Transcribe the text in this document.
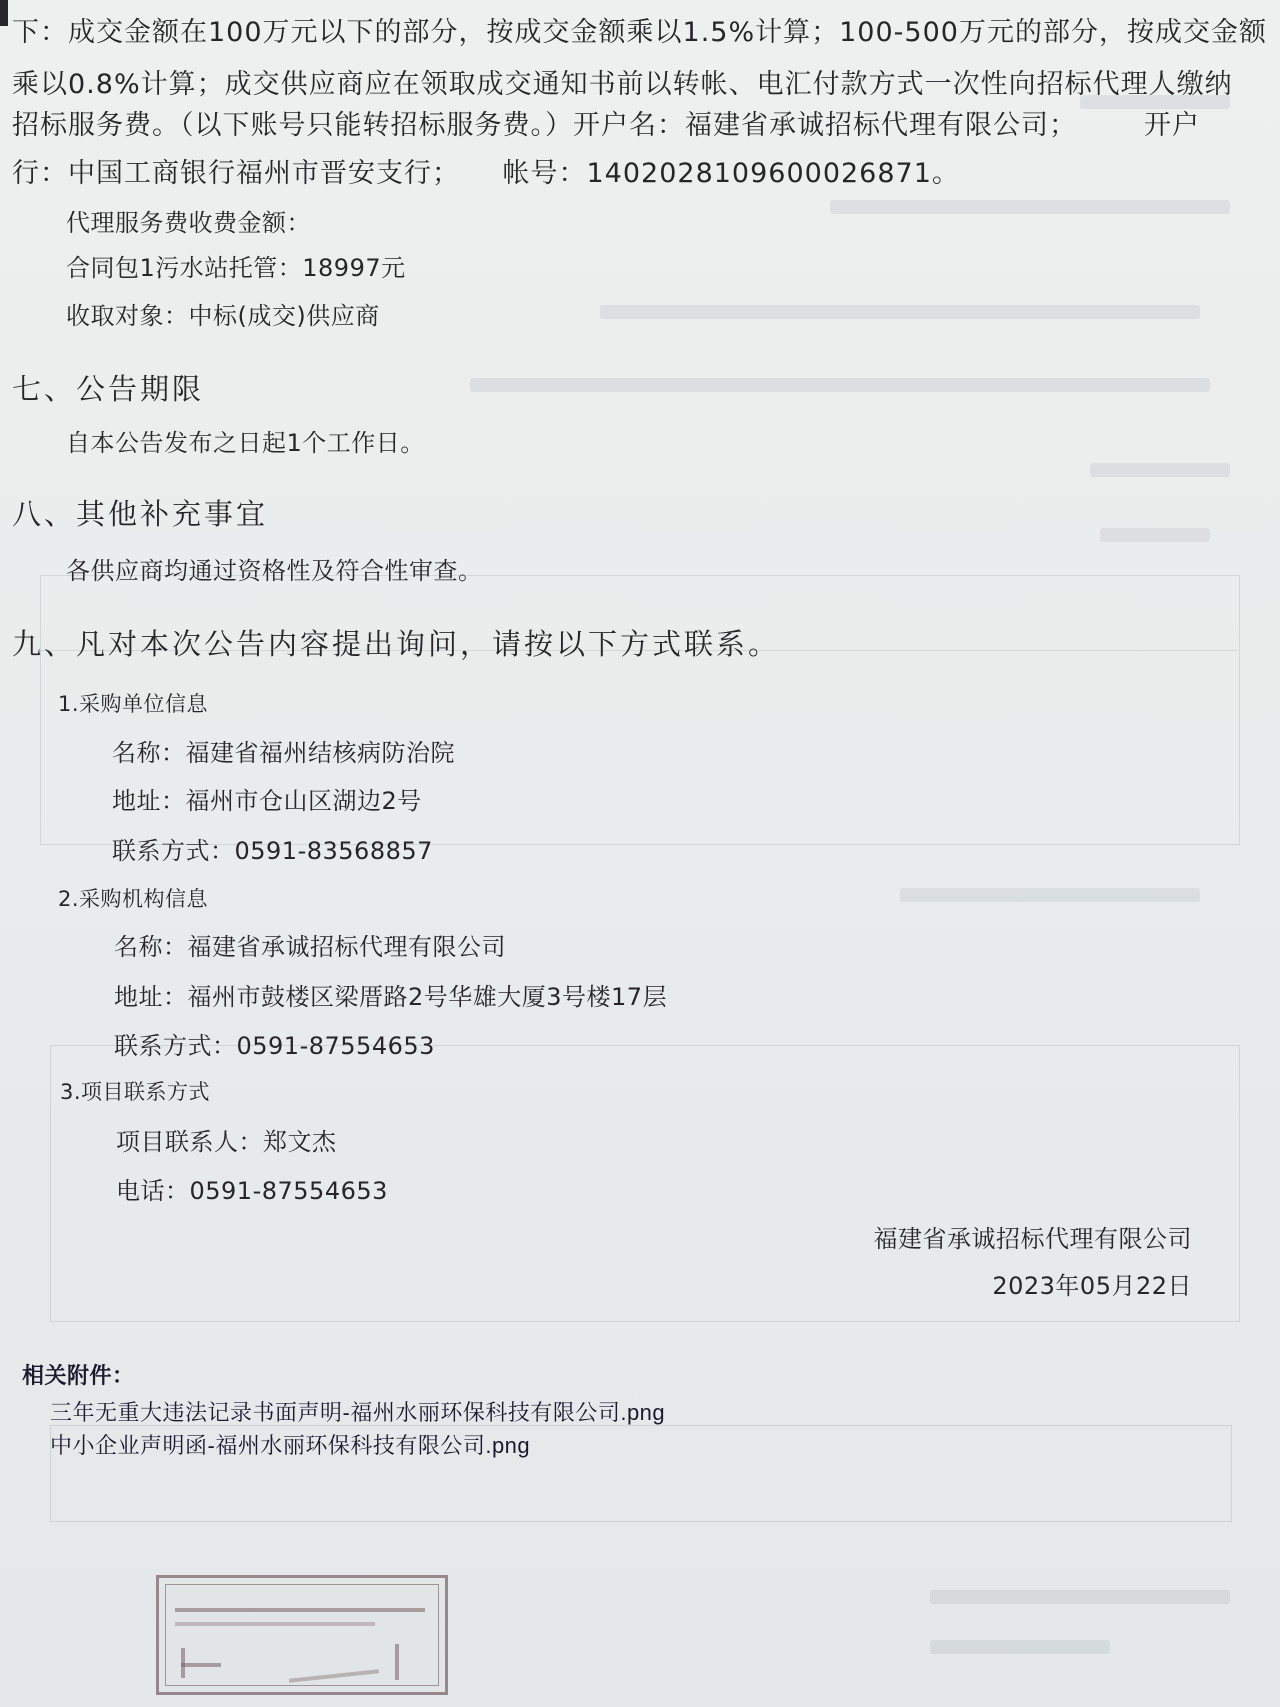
下：成交金额在100万元以下的部分，按成交金额乘以1.5%计算；100-500万元的部分，按成交金额
乘以0.8%计算；成交供应商应在领取成交通知书前以转帐、电汇付款方式一次性向招标代理人缴纳
招标服务费。（以下账号只能转招标服务费。）开户名：福建省承诚招标代理有限公司； 开户
行：中国工商银行福州市晋安支行；　　帐号：1402028109600026871。
代理服务费收费金额：
合同包1污水站托管：18997元
收取对象：中标(成交)供应商
七、公告期限
自本公告发布之日起1个工作日。
八、其他补充事宜
各供应商均通过资格性及符合性审查。
九、凡对本次公告内容提出询问，请按以下方式联系。
1.采购单位信息
名称：福建省福州结核病防治院
地址：福州市仓山区湖边2号
联系方式：0591-83568857
2.采购机构信息
名称：福建省承诚招标代理有限公司
地址：福州市鼓楼区梁厝路2号华雄大厦3号楼17层
联系方式：0591-87554653
3.项目联系方式
项目联系人：郑文杰
电话：0591-87554653
福建省承诚招标代理有限公司
2023年05月22日
相关附件：
三年无重大违法记录书面声明-福州水丽环保科技有限公司.png
中小企业声明函-福州水丽环保科技有限公司.png
